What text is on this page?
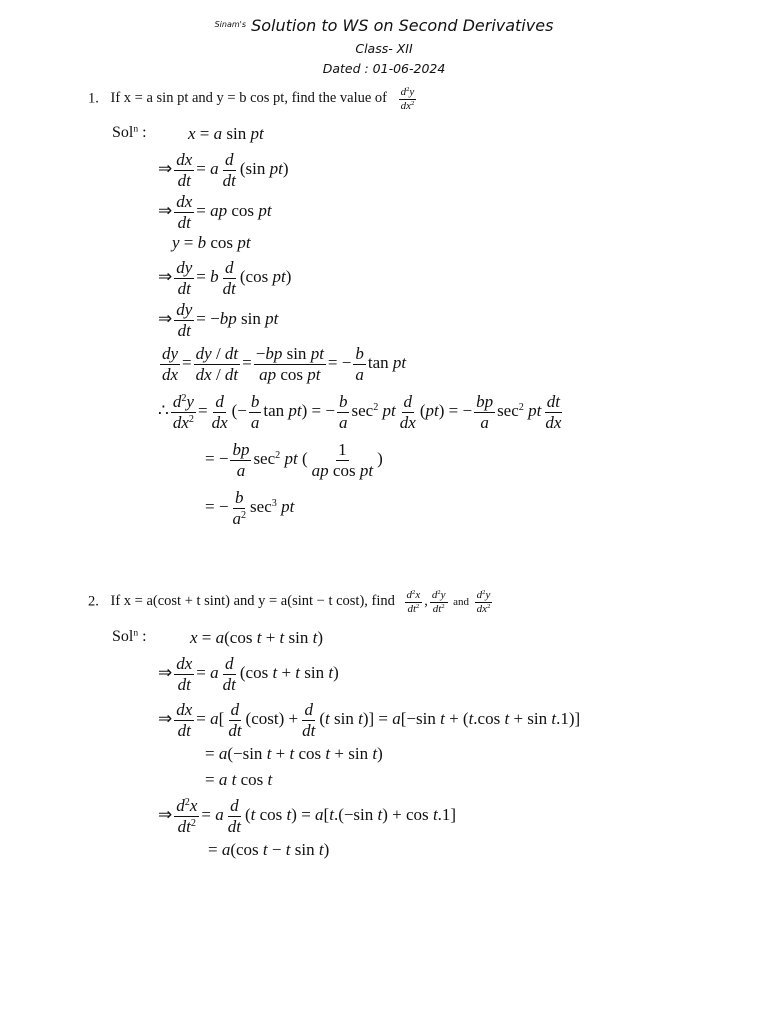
$^{Sinam's}$ Solution to WS on Second Derivatives
Class- XII
Dated : 01-06-2024
1. If x = a sin pt and y = b cos pt, find the value of $\frac{d^2y}{dx^2}$
Sol$^n$ : x = a sin pt
⇒ $\frac{dx}{dt} = a \frac{d}{dt} (\sin$ pt)
⇒ $\frac{dx}{dt}$ = ap cos pt
y = b cos pt
⇒ $\frac{dy}{dt} = b \frac{d}{dt} (\cos$ pt)
⇒ $\frac{dy}{dt} = -bp$ sin pt
$\frac{dy}{dx} = \frac{dy / dt}{dx / dt} = \frac{\text{−bp sin pt}}{\text{ap cos pt}}$ = − $\frac{b}{a}$ tan pt
∴ $\frac{d^2y}{dx^2} = \frac{d}{dx}$ (− $\frac{b}{a}$ tan pt) = − $\frac{b}{a} \sec^2$ pt $\frac{d}{dx} (pt)$ = − $\frac{bp}{a} \sec^2$ pt $\frac{dt}{dx}$
= − $\frac{bp}{a} \sec^2$ pt ( $\frac{1}{\text{ap cos pt}}$ )
= − $\frac{b}{a^2} \sec^3$ pt
2. If x = a(cost + t sint) and y = a(sint − t cost), find $\frac{d^2x}{dt^2}$ , $\frac{d^2y}{dt^2}$ and $\frac{d^2y}{dx^2}$
Sol$^n$ :	x = a(cos t + t sin t)
⇒ $\frac{dx}{dt} = a \frac{d}{dt} (\cos$ t + t sin t)
⇒ $\frac{dx}{dt} = a[ \frac{d}{dt} (\cos t) + \frac{d}{dt} (t$ sin t)] = a[−sin t + (t.cos t + sin t.1)]
= a(−sin t + t cos t + sin t)
= a t cos t
⇒ $\frac{d^2x}{dt^2} = a \frac{d}{dt} (t$ cos t) = a[t.(−sin t) + cos t.1]
= a(cos t − t sin t)
